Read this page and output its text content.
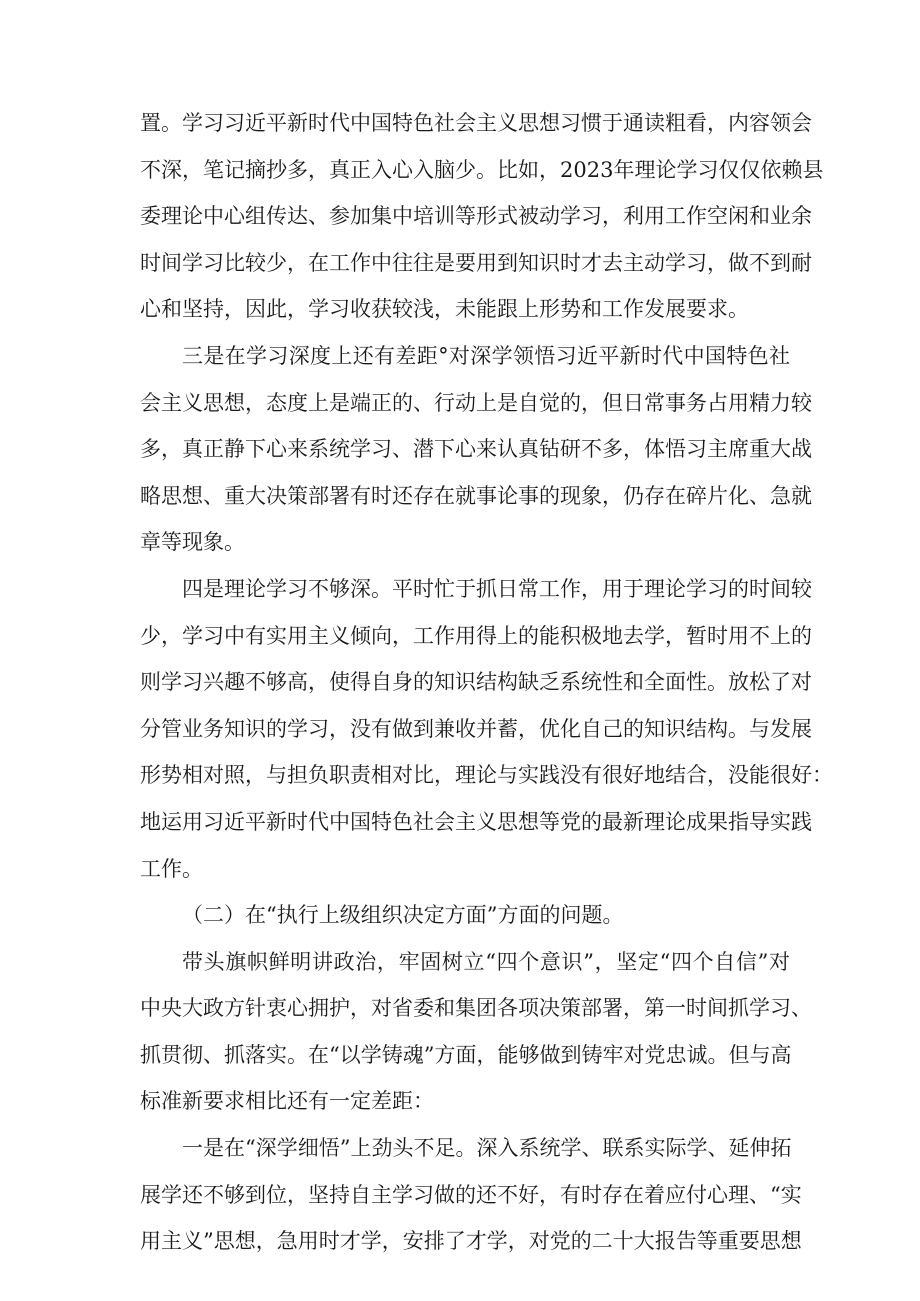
置。学习习近平新时代中国特色社会主义思想习惯于通读粗看，内容领会
不深，笔记摘抄多，真正入心入脑少。比如，2023年理论学习仅仅依赖县
委理论中心组传达、参加集中培训等形式被动学习，利用工作空闲和业余
时间学习比较少，在工作中往往是要用到知识时才去主动学习，做不到耐
心和坚持，因此，学习收获较浅，未能跟上形势和工作发展要求。
三是在学习深度上还有差距°对深学领悟习近平新时代中国特色社
会主义思想，态度上是端正的、行动上是自觉的，但日常事务占用精力较
多，真正静下心来系统学习、潜下心来认真钻研不多，体悟习主席重大战
略思想、重大决策部署有时还存在就事论事的现象，仍存在碎片化、急就
章等现象。
四是理论学习不够深。平时忙于抓日常工作，用于理论学习的时间较
少，学习中有实用主义倾向，工作用得上的能积极地去学，暂时用不上的
则学习兴趣不够高，使得自身的知识结构缺乏系统性和全面性。放松了对
分管业务知识的学习，没有做到兼收并蓄，优化自己的知识结构。与发展
形势相对照，与担负职责相对比，理论与实践没有很好地结合，没能很好：
地运用习近平新时代中国特色社会主义思想等党的最新理论成果指导实践
工作。
（二）在“执行上级组织决定方面”方面的问题。
带头旗帜鲜明讲政治，牢固树立“四个意识”，坚定“四个自信”对
中央大政方针衷心拥护，对省委和集团各项决策部署，第一时间抓学习、
抓贯彻、抓落实。在“以学铸魂”方面，能够做到铸牢对党忠诚。但与高
标准新要求相比还有一定差距：
一是在“深学细悟”上劲头不足。深入系统学、联系实际学、延伸拓
展学还不够到位，坚持自主学习做的还不好，有时存在着应付心理、“实
用主义”思想，急用时才学，安排了才学，对党的二十大报告等重要思想
